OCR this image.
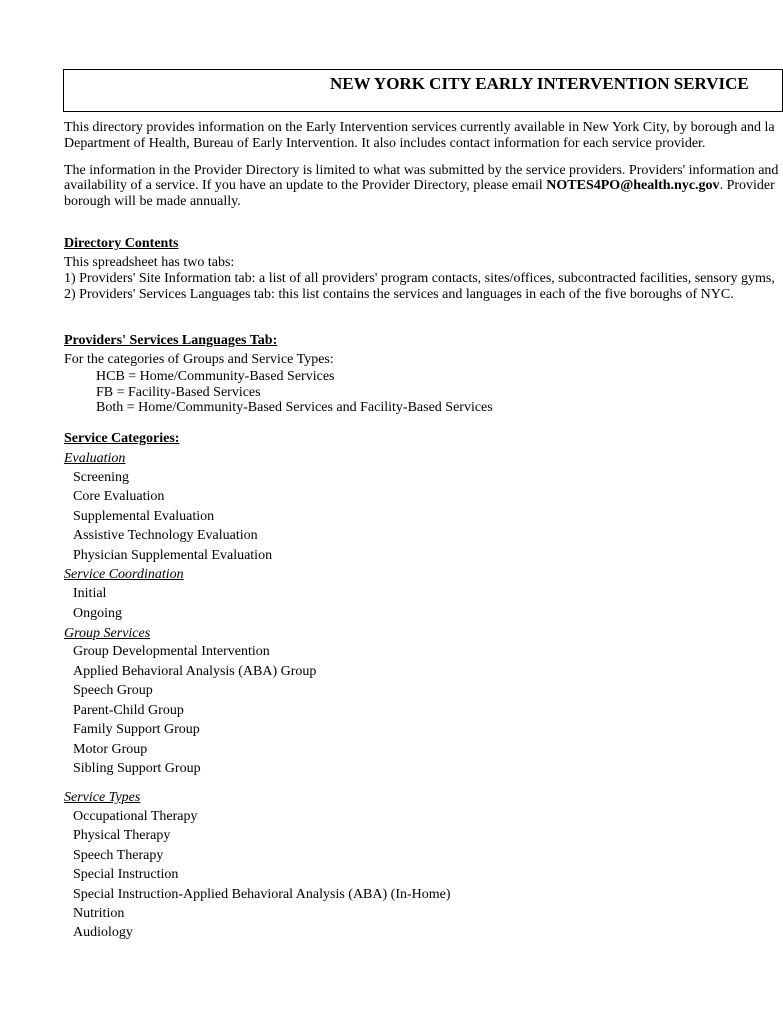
NEW YORK CITY EARLY INTERVENTION SERVICE
This directory provides information on the Early Intervention services currently available in New York City, by borough and la
Department of Health, Bureau of Early Intervention. It also includes contact information for each service provider.
The information in the Provider Directory is limited to what was submitted by the service providers. Providers' information and
availability of a service. If you have an update to the Provider Directory, please email NOTES4PO@health.nyc.gov. Provider
borough will be made annually.
Directory Contents
This spreadsheet has two tabs:
1) Providers' Site Information tab: a list of all providers' program contacts, sites/offices, subcontracted facilities, sensory gyms,
2) Providers' Services Languages tab: this list contains the services and languages in each of the five boroughs of NYC.
Providers' Services Languages Tab:
For the categories of Groups and Service Types:
HCB = Home/Community-Based Services
FB = Facility-Based Services
Both = Home/Community-Based Services and Facility-Based Services
Service Categories:
Evaluation
Screening
Core Evaluation
Supplemental Evaluation
Assistive Technology Evaluation
Physician Supplemental Evaluation
Service Coordination
Initial
Ongoing
Group Services
Group Developmental Intervention
Applied Behavioral Analysis (ABA) Group
Speech Group
Parent-Child Group
Family Support Group
Motor Group
Sibling Support Group
Service Types
Occupational Therapy
Physical Therapy
Speech Therapy
Special Instruction
Special Instruction-Applied Behavioral Analysis (ABA) (In-Home)
Nutrition
Audiology
